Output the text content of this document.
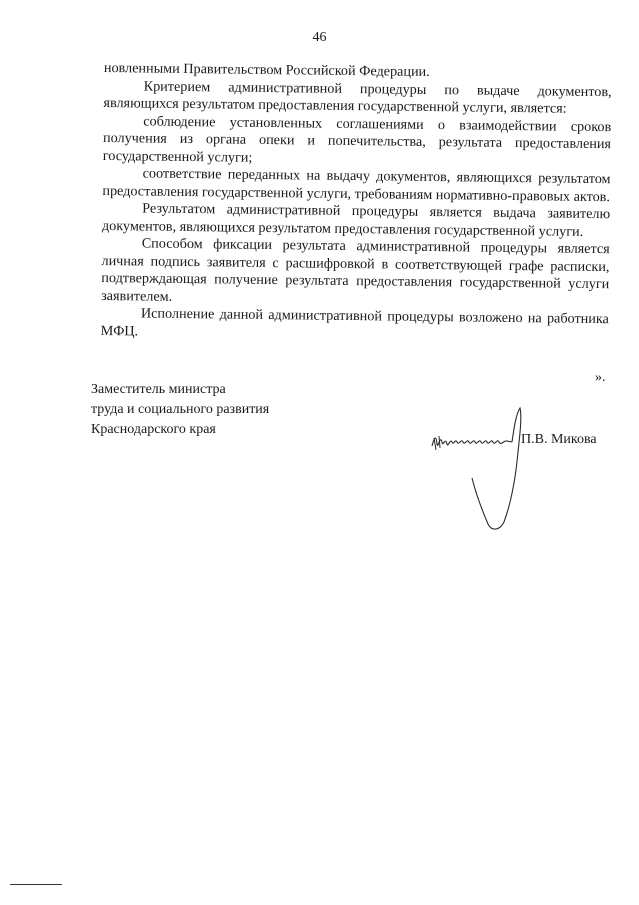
46

новленными Правительством Российской Федерации.

Критерием административной процедуры по выдаче документов, являющихся результатом предоставления государственной услуги, является:

соблюдение установленных соглашениями о взаимодействии сроков получения из органа опеки и попечительства, результата предоставления государственной услуги;

соответствие переданных на выдачу документов, являющихся результатом предоставления государственной услуги, требованиям нормативно-правовых актов.

Результатом административной процедуры является выдача заявителю документов, являющихся результатом предоставления государственной услуги.

Способом фиксации результата административной процедуры является личная подпись заявителя с расшифровкой в соответствующей графе расписки, подтверждающая получение результата предоставления государственной услуги заявителем.

Исполнение данной административной процедуры возложено на работника МФЦ.

».
Заместитель министра
труда и социального развития
Краснодарского края
П.В. Микова
